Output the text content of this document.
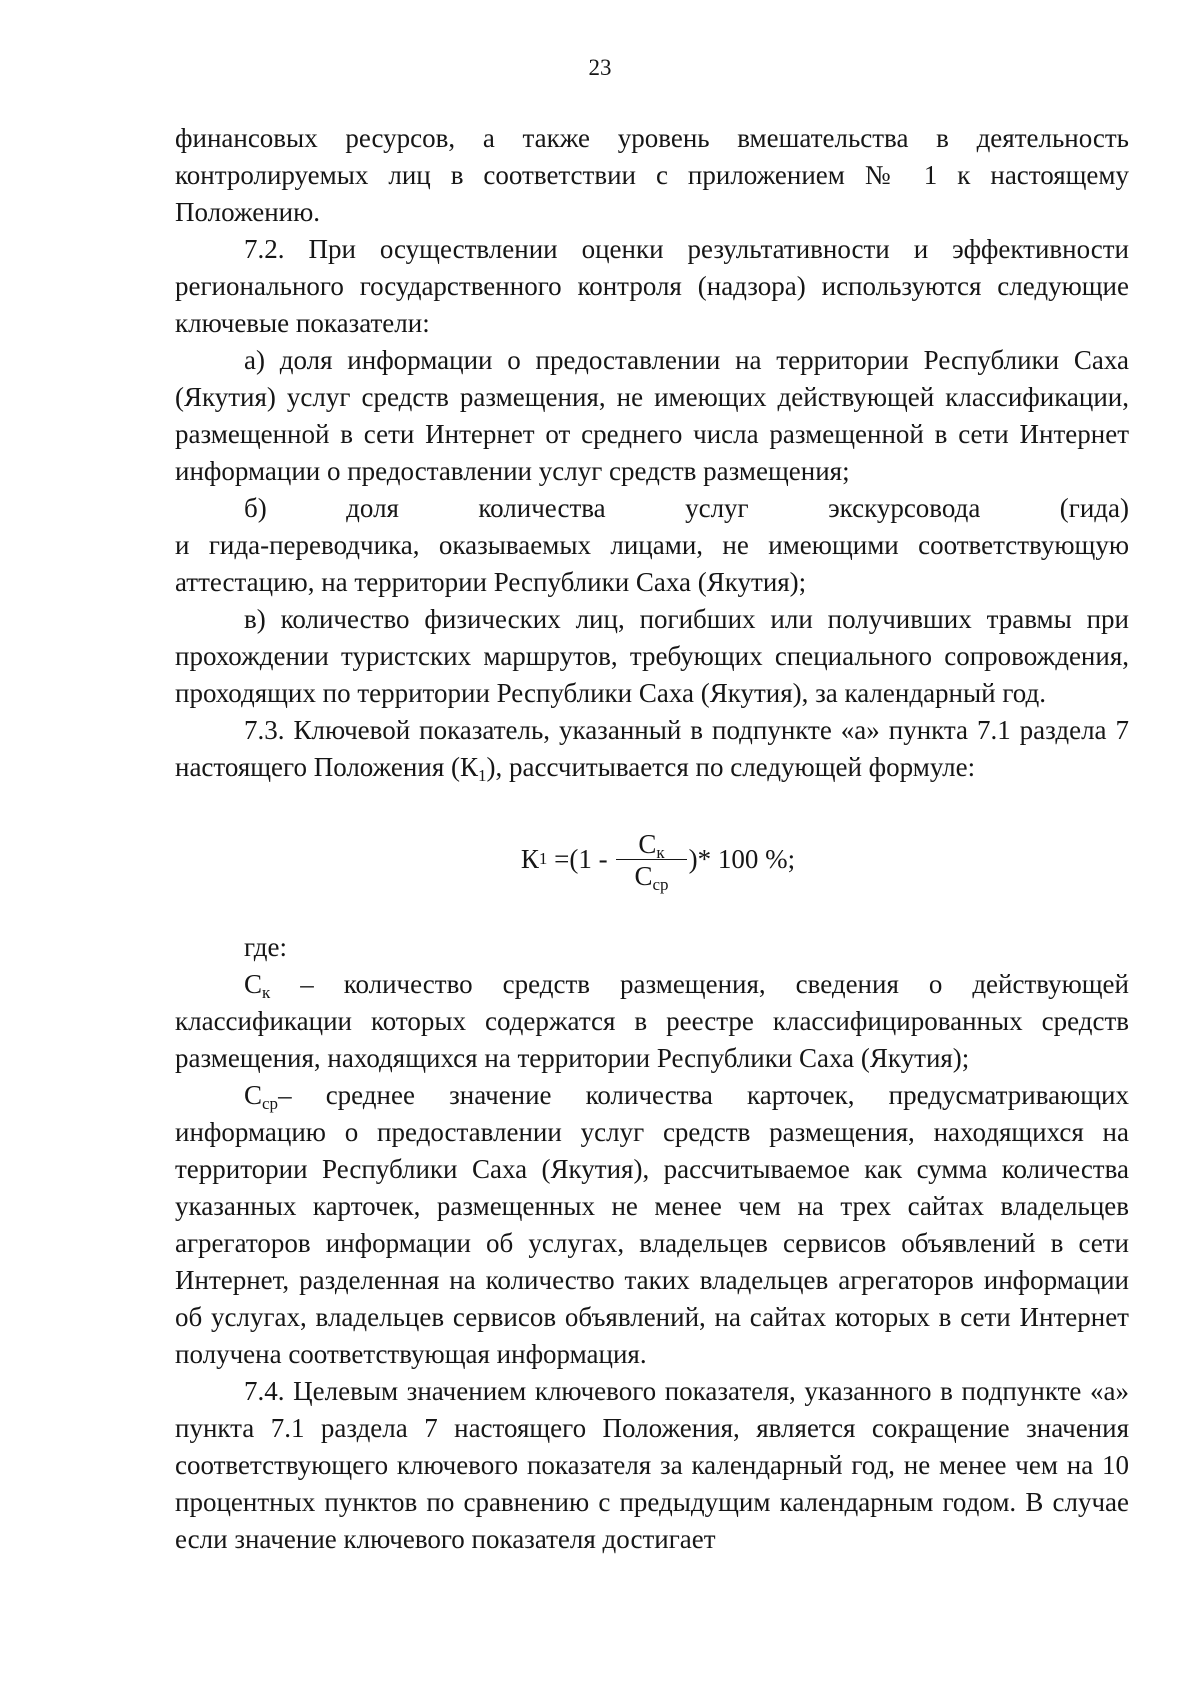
23

финансовых ресурсов, а также уровень вмешательства в деятельность контролируемых лиц в соответствии с приложением № 1 к настоящему Положению.

7.2. При осуществлении оценки результативности и эффективности регионального государственного контроля (надзора) используются следующие ключевые показатели:

а) доля информации о предоставлении на территории Республики Саха (Якутия) услуг средств размещения, не имеющих действующей классификации, размещенной в сети Интернет от среднего числа размещенной в сети Интернет информации о предоставлении услуг средств размещения;

б) доля количества услуг экскурсовода (гида)

и гида-переводчика, оказываемых лицами, не имеющими соответствующую аттестацию, на территории Республики Саха (Якутия);

в) количество физических лиц, погибших или получивших травмы при прохождении туристских маршрутов, требующих специального сопровождения, проходящих по территории Республики Саха (Якутия), за календарный год.

7.3. Ключевой показатель, указанный в подпункте «а» пункта 7.1 раздела 7 настоящего Положения $(К_1)$, рассчитывается по следующей формуле:

К $1 =(1 - \frac{С_к}{С_{ср}}$ )* 100 %;

где:

$С_к$ – количество средств размещения, сведения о действующей классификации которых содержатся в реестре классифицированных средств размещения, находящихся на территории Республики Саха (Якутия);

$С_{ср}-$ среднее значение количества карточек, предусматривающих информацию о предоставлении услуг средств размещения, находящихся на территории Республики Саха (Якутия), рассчитываемое как сумма количества указанных карточек, размещенных не менее чем на трех сайтах владельцев агрегаторов информации об услугах, владельцев сервисов объявлений в сети Интернет, разделенная на количество таких владельцев агрегаторов информации об услугах, владельцев сервисов объявлений, на сайтах которых в сети Интернет получена соответствующая информация.

7.4. Целевым значением ключевого показателя, указанного в подпункте «а» пункта 7.1 раздела 7 настоящего Положения, является сокращение значения соответствующего ключевого показателя за календарный год, не менее чем на 10 процентных пунктов по сравнению с предыдущим календарным годом. В случае если значение ключевого показателя достигает
